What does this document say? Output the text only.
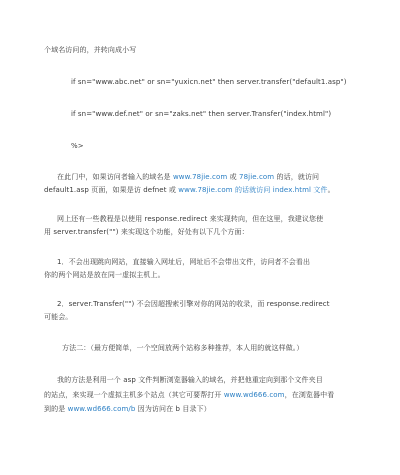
个域名访问的，并转向成小写
if sn="www.abc.net" or sn="yuxicn.net" then server.transfer("default1.asp")
if sn="www.def.net" or sn="zaks.net" then server.Transfer("index.html")
%>
在此门中，如果访问者输入的域名是 www.78jie.com 或 78jie.com 的话，就访问
default1.asp 页面，如果是访 defnet 或 www.78jie.com 的话就访问 index.html 文件。
网上还有一些教程是以使用 response.redirect 来实现转向，但在这里，我建议您使
用 server.transfer("") 来实现这个功能，好处有以下几个方面：
1．不会出现跳向网站，直接输入网址后，网址后不会带出文件，访问者不会看出
你的两个网站是放在同一虚拟主机上。
2．server.Transfer("") 不会因超搜索引擎对你的网站的收录，而 response.redirect
可能会。
方法二：（最方便简单，一个空间放两个站称多种推荐，本人用的就这样做。）
我的方法是利用一个 asp 文件判断浏览器输入的域名，并把他重定向到那个文件夹目
的站点，来实现一个虚拟主机多个站点（其它可要帮打开 www.wd666.com，在浏览器中看
到的是 www.wd666.com/b 因为访问在 b 目录下）
